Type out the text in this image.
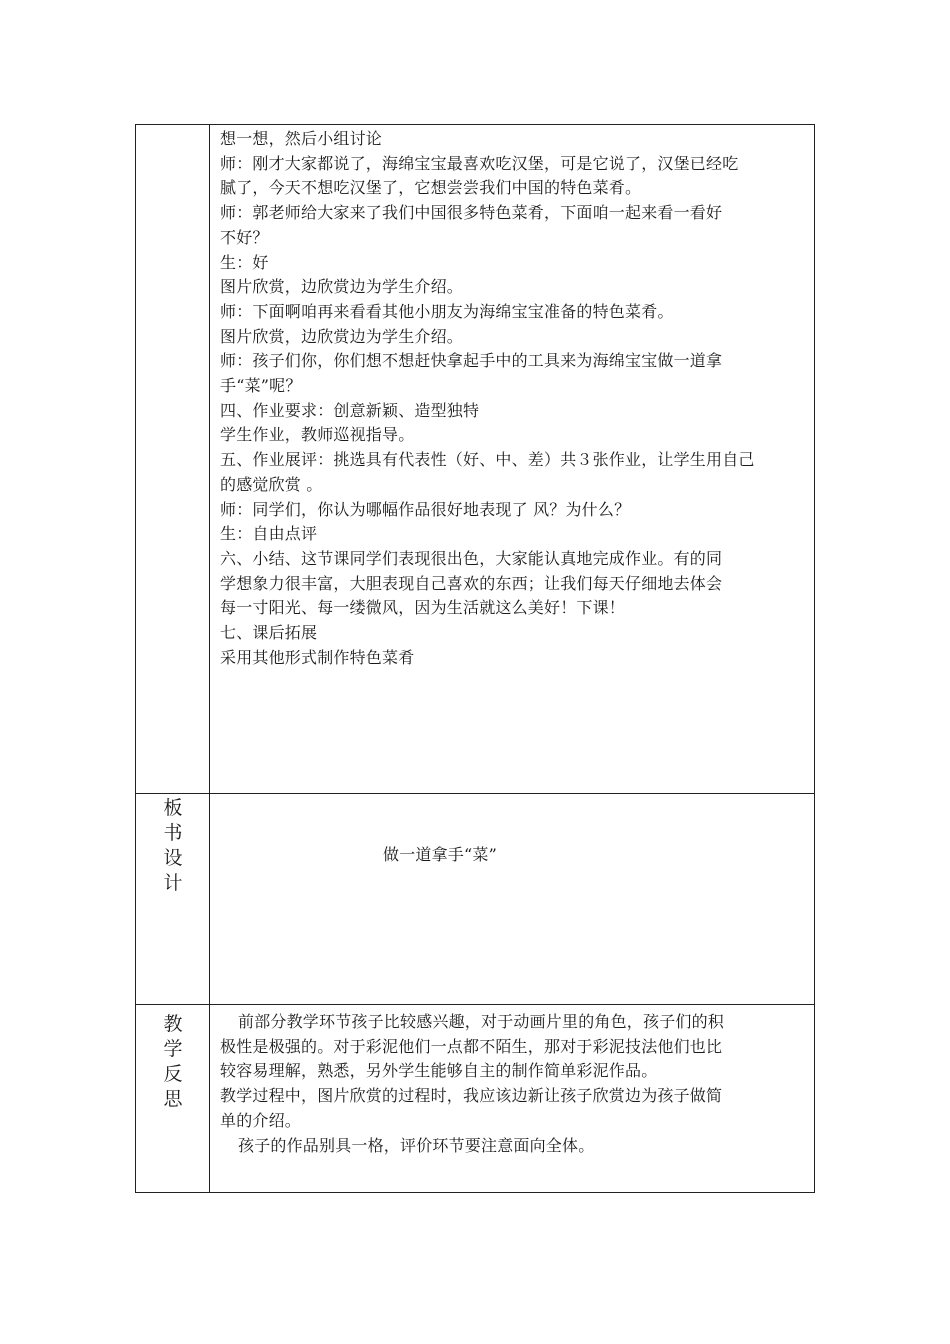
想一想，然后小组讨论
师：刚才大家都说了，海绵宝宝最喜欢吃汉堡，可是它说了，汉堡已经吃
腻了，今天不想吃汉堡了，它想尝尝我们中国的特色菜肴。
师：郭老师给大家来了我们中国很多特色菜肴，下面咱一起来看一看好
不好？
生：好
图片欣赏，边欣赏边为学生介绍。
师：下面啊咱再来看看其他小朋友为海绵宝宝准备的特色菜肴。
图片欣赏，边欣赏边为学生介绍。
师：孩子们你，你们想不想赶快拿起手中的工具来为海绵宝宝做一道拿
手“菜”呢？
四、作业要求：创意新颖、造型独特
学生作业，教师巡视指导。
五、作业展评：挑选具有代表性（好、中、差）共３张作业，让学生用自己
的感觉欣赏 。
师：同学们，你认为哪幅作品很好地表现了 风？为什么？
生：自由点评
六、小结、这节课同学们表现很出色，大家能认真地完成作业。有的同
学想象力很丰富，大胆表现自己喜欢的东西；让我们每天仔细地去体会
每一寸阳光、每一缕微风，因为生活就这么美好！下课！
七、课后拓展
采用其他形式制作特色菜肴
板
书
设
计
做一道拿手“菜”
教
学
反
思
前部分教学环节孩子比较感兴趣，对于动画片里的角色，孩子们的积
极性是极强的。对于彩泥他们一点都不陌生，那对于彩泥技法他们也比
较容易理解，熟悉，另外学生能够自主的制作简单彩泥作品。
教学过程中，图片欣赏的过程时，我应该边新让孩子欣赏边为孩子做简
单的介绍。
孩子的作品别具一格，评价环节要注意面向全体。
